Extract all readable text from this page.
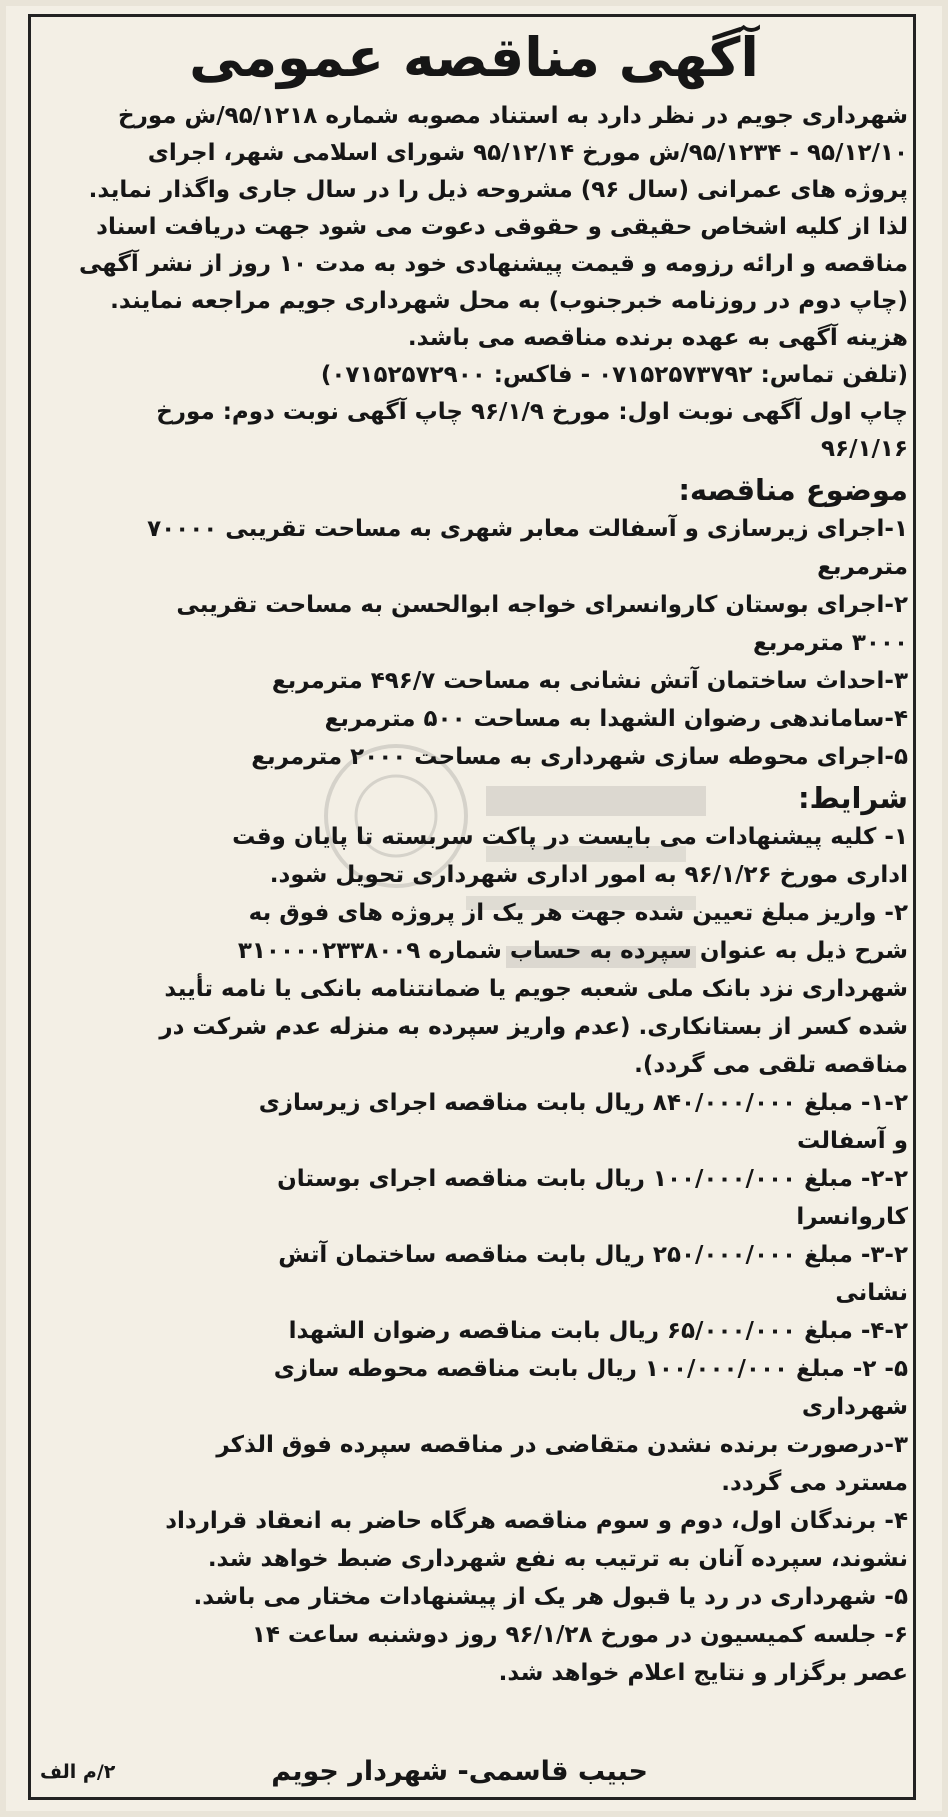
آگهی مناقصه عمومی

شهرداری جویم در نظر دارد به استناد مصوبه شماره ۹۵/۱۲۱۸/ش مورخ
۹۵/۱۲/۱۰ - ۹۵/۱۲۳۴/ش مورخ ۹۵/۱۲/۱۴ شورای اسلامی شهر، اجرای
پروژه های عمرانی (سال ۹۶) مشروحه ذیل را در سال جاری واگذار نماید.
لذا از کلیه اشخاص حقیقی و حقوقی دعوت می شود جهت دریافت اسناد
مناقصه و ارائه رزومه و قیمت پیشنهادی خود به مدت ۱۰ روز از نشر آگهی
(چاپ دوم در روزنامه خبرجنوب) به محل شهرداری جویم مراجعه نمایند.
هزینه آگهی به عهده برنده مناقصه می باشد.
(تلفن تماس: ۰۷۱۵۲۵۷۳۷۹۲ - فاکس: ۰۷۱۵۲۵۷۲۹۰۰)
چاپ اول آگهی نوبت اول: مورخ ۹۶/۱/۹ چاپ آگهی نوبت دوم: مورخ
۹۶/۱/۱۶

موضوع مناقصه:

۱-اجرای زیرسازی و آسفالت معابر شهری به مساحت تقریبی ۷۰۰۰۰
مترمربع

۲-اجرای بوستان کاروانسرای خواجه ابوالحسن به مساحت تقریبی
۳۰۰۰ مترمربع

۳-احداث ساختمان آتش نشانی به مساحت ۴۹۶/۷ مترمربع

۴-ساماندهی رضوان الشهدا به مساحت ۵۰۰ مترمربع

۵-اجرای محوطه سازی شهرداری به مساحت ۲۰۰۰ مترمربع

شرایط:

۱- کلیه پیشنهادات می بایست در پاکت سربسته تا پایان وقت
اداری مورخ ۹۶/۱/۲۶ به امور اداری شهرداری تحویل شود.

۲- واریز مبلغ تعیین شده جهت هر یک از پروژه های فوق به
شرح ذیل به عنوان سپرده به حساب شماره ۳۱۰۰۰۰۲۳۳۸۰۰۹
شهرداری نزد بانک ملی شعبه جویم یا ضمانتنامه بانکی یا نامه تأیید
شده کسر از بستانکاری. (عدم واریز سپرده به منزله عدم شرکت در
مناقصه تلقی می گردد).

۱-۲- مبلغ ۸۴۰/۰۰۰/۰۰۰ ریال بابت مناقصه اجرای زیرسازی
و آسفالت

۲-۲- مبلغ ۱۰۰/۰۰۰/۰۰۰ ریال بابت مناقصه اجرای بوستان
کاروانسرا

۳-۲- مبلغ ۲۵۰/۰۰۰/۰۰۰ ریال بابت مناقصه ساختمان آتش
نشانی

۴-۲- مبلغ ۶۵/۰۰۰/۰۰۰ ریال بابت مناقصه رضوان الشهدا

۵- ۲- مبلغ ۱۰۰/۰۰۰/۰۰۰ ریال بابت مناقصه محوطه سازی
شهرداری

۳-درصورت برنده نشدن متقاضی در مناقصه سپرده فوق الذکر
مسترد می گردد.

۴- برندگان اول، دوم و سوم مناقصه هرگاه حاضر به انعقاد قرارداد
نشوند، سپرده آنان به ترتیب به نفع شهرداری ضبط خواهد شد.

۵- شهرداری در رد یا قبول هر یک از پیشنهادات مختار می باشد.

۶- جلسه کمیسیون در مورخ ۹۶/۱/۲۸ روز دوشنبه ساعت ۱۴
عصر برگزار و نتایج اعلام خواهد شد.

حبیب قاسمی- شهردار جویم
۲/م الف
